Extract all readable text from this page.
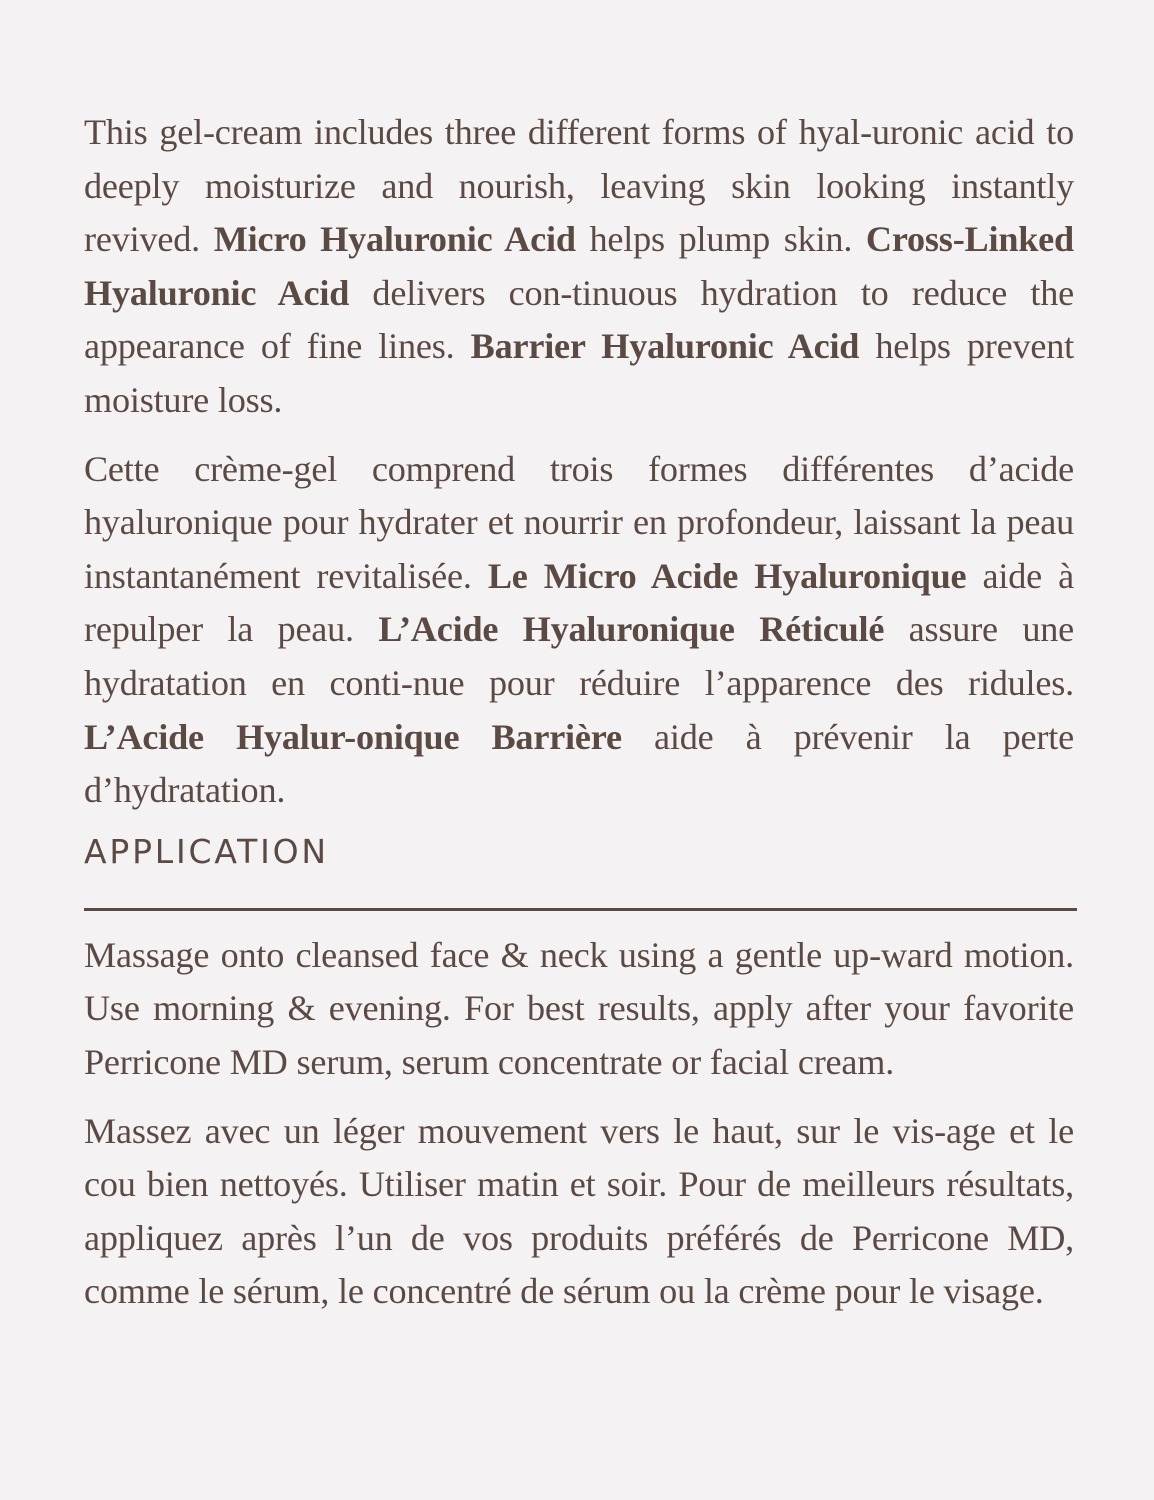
This gel-cream includes three different forms of hyal-uronic acid to deeply moisturize and nourish, leaving skin looking instantly revived. Micro Hyaluronic Acid helps plump skin. Cross-Linked Hyaluronic Acid delivers con-tinuous hydration to reduce the appearance of fine lines. Barrier Hyaluronic Acid helps prevent moisture loss.

Cette crème-gel comprend trois formes différentes d’acide hyaluronique pour hydrater et nourrir en profondeur, laissant la peau instantanément revitalisée. Le Micro Acide Hyaluronique aide à repulper la peau. L’Acide Hyaluronique Réticulé assure une hydratation en conti-nue pour réduire l’apparence des ridules. L’Acide Hyalur-onique Barrière aide à prévenir la perte d’hydratation.

APPLICATION

Massage onto cleansed face & neck using a gentle up-ward motion. Use morning & evening. For best results, apply after your favorite Perricone MD serum, serum concentrate or facial cream.

Massez avec un léger mouvement vers le haut, sur le vis-age et le cou bien nettoyés. Utiliser matin et soir. Pour de meilleurs résultats, appliquez après l’un de vos produits préférés de Perricone MD, comme le sérum, le concentré de sérum ou la crème pour le visage.
